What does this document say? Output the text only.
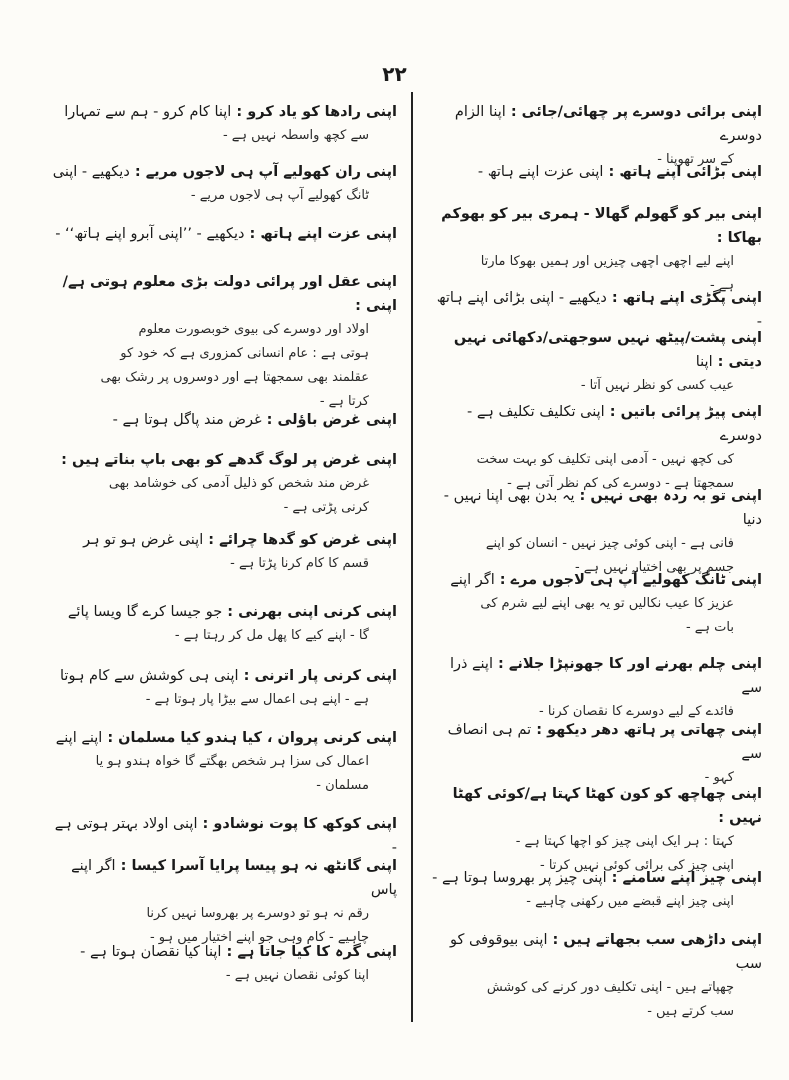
۲۲

اپنی برائی دوسرے پر چھائی/جائی : اپنا الزام دوسرے

کے سر تھوپنا -

اپنی بڑائی اپنے ہاتھ : اپنی عزت اپنے ہاتھ -

اپنی بیر کو گھولم گھالا - ہمری بیر کو بھوکم بھاکا :

اپنے لیے اچھی اچھی چیزیں اور ہمیں بھوکا مارتا

ہے -

اپنی پگڑی اپنے ہاتھ : دیکھیے - اپنی بڑائی اپنے ہاتھ -

اپنی پشت/پیٹھ نہیں سوجھتی/دکھائی نہیں دیتی : اپنا

عیب کسی کو نظر نہیں آتا -

اپنی پیڑ پرائی باتیں : اپنی تکلیف تکلیف ہے - دوسرے

کی کچھ نہیں - آدمی اپنی تکلیف کو بہت سخت

سمجھتا ہے - دوسرے کی کم نظر آتی ہے -

اپنی تو بہ ردہ بھی نہیں : یہ بدن بھی اپنا نہیں - دنیا

فانی ہے - اپنی کوئی چیز نہیں - انسان کو اپنے

جسم پر بھی اختیار نہیں ہے -

اپنی ٹانگ کھولیے آپ ہی لاجوں مرے : اگر اپنے

عزیز کا عیب نکالیں تو یہ بھی اپنے لیے شرم کی

بات ہے -

اپنی چلم بھرنے اور کا جھونپڑا جلانے : اپنے ذرا سے

فائدے کے لیے دوسرے کا نقصان کرنا -

اپنی چھاتی پر ہاتھ دھر دیکھو : تم ہی انصاف سے

کہو -

اپنی چھاچھ کو کون کھٹا کہتا ہے/کوئی کھٹا نہیں :

کہتا : ہر ایک اپنی چیز کو اچھا کہتا ہے -

اپنی چیز کی برائی کوئی نہیں کرتا -

اپنی چیز اپنے سامنے : اپنی چیز پر بھروسا ہوتا ہے -

اپنی چیز اپنے قبضے میں رکھنی چاہیے -

اپنی داڑھی سب بجھاتے ہیں : اپنی بیوقوفی کو سب

چھپاتے ہیں - اپنی تکلیف دور کرنے کی کوشش

سب کرتے ہیں -

اپنی رادھا کو یاد کرو : اپنا کام کرو - ہم سے تمہارا

سے کچھ واسطہ نہیں ہے -

اپنی ران کھولیے آپ ہی لاجوں مریے : دیکھیے - اپنی

ٹانگ کھولیے آپ ہی لاجوں مریے -

اپنی عزت اپنے ہاتھ : دیکھیے - ’’اپنی آبرو اپنے ہاتھ‘‘ -

اپنی عقل اور پرائی دولت بڑی معلوم ہوتی ہے/اپنی :

اولاد اور دوسرے کی بیوی خوبصورت معلوم

ہوتی ہے : عام انسانی کمزوری ہے کہ خود کو

عقلمند بھی سمجھتا ہے اور دوسروں پر رشک بھی

کرتا ہے -

اپنی غرض باؤلی : غرض مند پاگل ہوتا ہے -

اپنی غرض پر لوگ گدھے کو بھی باپ بناتے ہیں :

غرض مند شخص کو ذلیل آدمی کی خوشامد بھی

کرنی پڑتی ہے -

اپنی غرض کو گدھا چرائے : اپنی غرض ہو تو ہر

قسم کا کام کرنا پڑتا ہے -

اپنی کرنی اپنی بھرنی : جو جیسا کرے گا ویسا پائے

گا - اپنے کیے کا پھل مل کر رہتا ہے -

اپنی کرنی پار اترنی : اپنی ہی کوشش سے کام ہوتا

ہے - اپنے ہی اعمال سے بیڑا پار ہوتا ہے -

اپنی کرنی پروان ، کیا ہندو کیا مسلمان : اپنے اپنے

اعمال کی سزا ہر شخص بھگتے گا خواہ ہندو ہو یا

مسلمان -

اپنی کوکھ کا پوت نوشادو : اپنی اولاد بہتر ہوتی ہے -

اپنی گانٹھ نہ ہو پیسا پرایا آسرا کیسا : اگر اپنے پاس

رقم نہ ہو تو دوسرے پر بھروسا نہیں کرنا

چاہیے - کام وہی جو اپنے اختیار میں ہو -

اپنی گرہ کا کیا جاتا ہے : اپنا کیا نقصان ہوتا ہے -

اپنا کوئی نقصان نہیں ہے -
